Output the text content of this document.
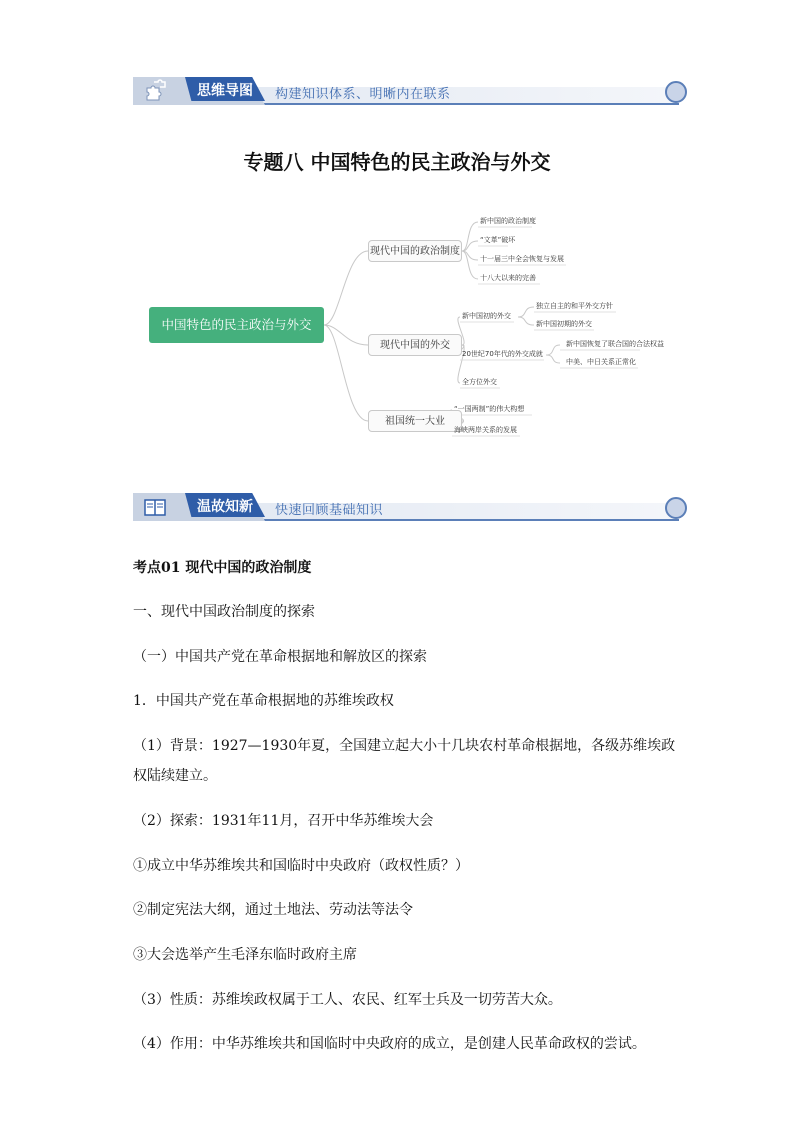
思维导图 构建知识体系、明晰内在联系
专题八 中国特色的民主政治与外交
中国特色的民主政治与外交
现代中国的政治制度
现代中国的外交
祖国统一大业
新中国的政治制度
“文革”破坏
十一届三中全会恢复与发展
十八大以来的完善
新中国初的外交
20世纪70年代的外交成就
全方位外交
独立自主的和平外交方针
新中国初期的外交
新中国恢复了联合国的合法权益
中美、中日关系正常化
“一国两制”的伟大构想
海峡两岸关系的发展
温故知新 快速回顾基础知识
考点01 现代中国的政治制度
一、现代中国政治制度的探索
（一）中国共产党在革命根据地和解放区的探索
1．中国共产党在革命根据地的苏维埃政权
（1）背景：1927—1930年夏，全国建立起大小十几块农村革命根据地，各级苏维埃政
权陆续建立。
（2）探索：1931年11月，召开中华苏维埃大会
①成立中华苏维埃共和国临时中央政府（政权性质？）
②制定宪法大纲，通过土地法、劳动法等法令
③大会选举产生毛泽东临时政府主席
（3）性质：苏维埃政权属于工人、农民、红军士兵及一切劳苦大众。
（4）作用：中华苏维埃共和国临时中央政府的成立，是创建人民革命政权的尝试。
